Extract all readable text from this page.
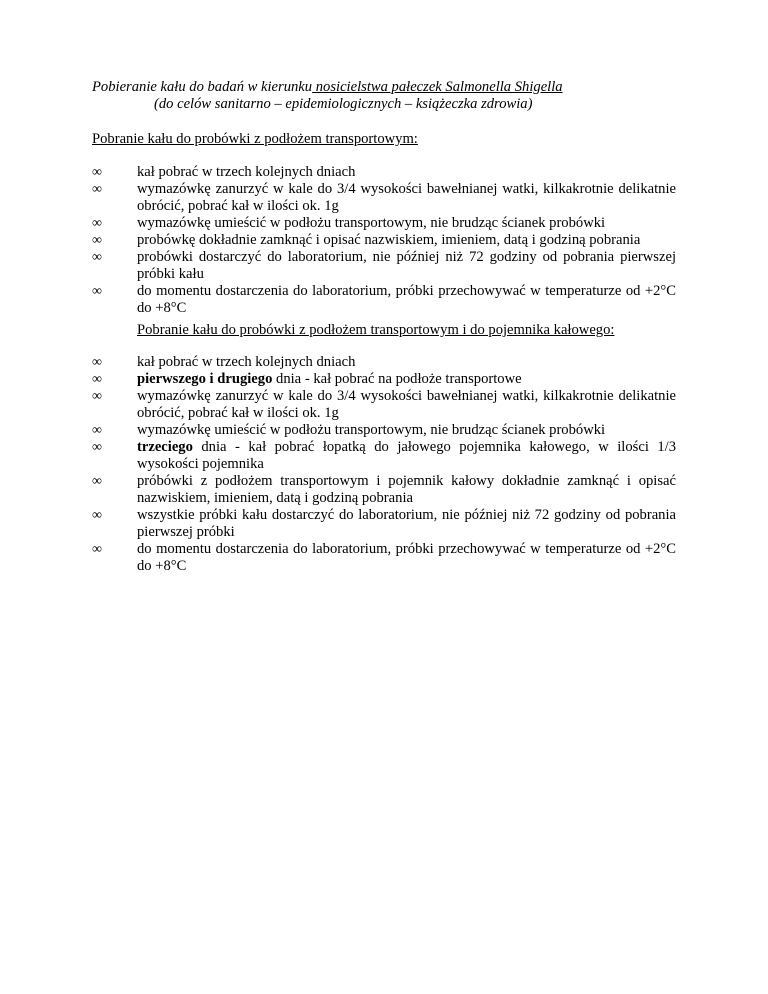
Pobieranie kału do badań w kierunku nosicielstwa pałeczek Salmonella Shigella
(do celów sanitarno – epidemiologicznych – książeczka zdrowia)
Pobranie kału do probówki z podłożem transportowym:
∞	kał pobrać w trzech kolejnych dniach
∞	wymazówkę zanurzyć w kale do 3/4 wysokości bawełnianej watki, kilkakrotnie delikatnie obrócić, pobrać kał w ilości ok. 1g
∞	wymazówkę umieścić w podłożu transportowym, nie brudząc ścianek probówki
∞	probówkę dokładnie zamknąć i opisać nazwiskiem, imieniem, datą i godziną pobrania
∞	probówki dostarczyć do laboratorium, nie później niż 72 godziny od pobrania pierwszej próbki kału
∞	do momentu dostarczenia do laboratorium, próbki przechowywać w temperaturze od +2°C do +8°C
Pobranie kału do probówki z podłożem transportowym i do pojemnika kałowego:
∞	kał pobrać w trzech kolejnych dniach
∞	pierwszego i drugiego dnia - kał pobrać na podłoże transportowe
∞	wymazówkę zanurzyć w kale do 3/4 wysokości bawełnianej watki, kilkakrotnie delikatnie obrócić, pobrać kał w ilości ok. 1g
∞	wymazówkę umieścić w podłożu transportowym, nie brudząc ścianek probówki
∞	trzeciego dnia - kał pobrać łopatką do jałowego pojemnika kałowego, w ilości 1/3 wysokości pojemnika
∞	próbówki z podłożem transportowym i pojemnik kałowy dokładnie zamknąć i opisać nazwiskiem, imieniem, datą i godziną pobrania
∞	wszystkie próbki kału dostarczyć do laboratorium, nie później niż 72 godziny od pobrania pierwszej próbki
∞	do momentu dostarczenia do laboratorium, próbki przechowywać w temperaturze od +2°C do +8°C
